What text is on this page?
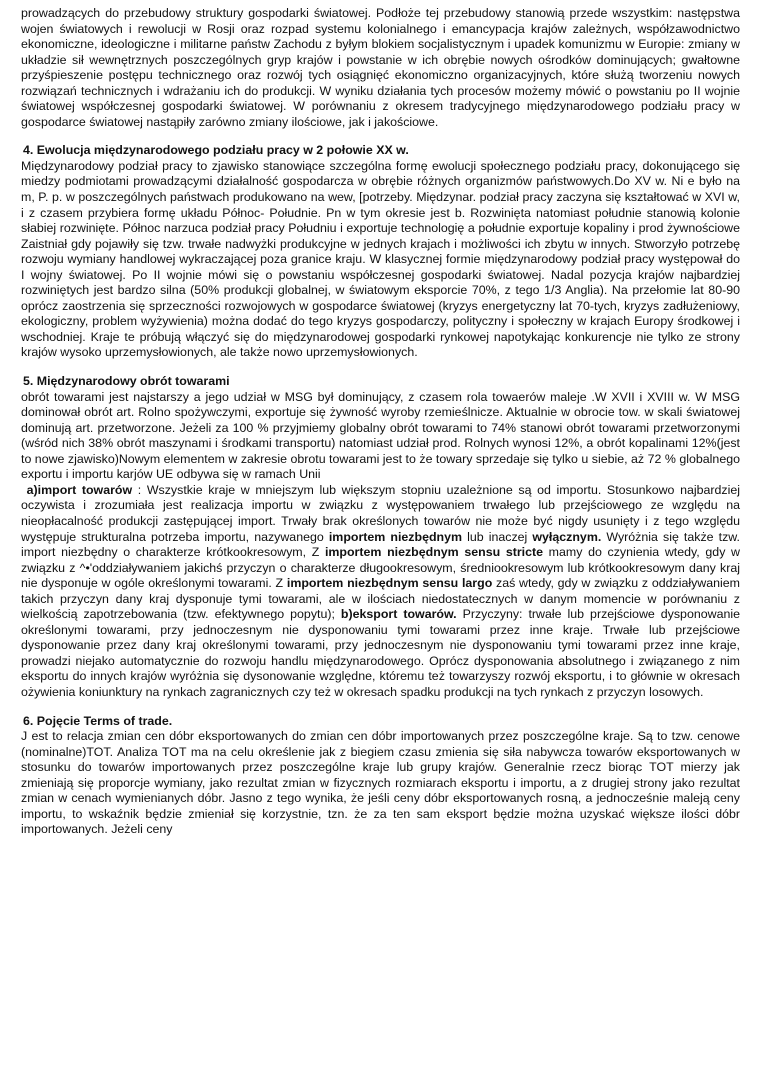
prowadzących do przebudowy struktury gospodarki światowej. Podłoże tej przebudowy stanowią przede wszystkim: następstwa wojen światowych i rewolucji w Rosji oraz rozpad systemu kolonialnego i emancypacja krajów zależnych, współzawodnictwo ekonomiczne, ideologiczne i militarne państw Zachodu z byłym blokiem socjalistycznym i upadek komunizmu w Europie: zmiany w układzie sił wewnętrznych poszczególnych gryp krajów i powstanie w ich obrębie nowych ośrodków dominujących; gwałtowne przyśpieszenie postępu technicznego oraz rozwój tych osiągnięć ekonomiczno organizacyjnych, które służą tworzeniu nowych rozwiązań technicznych i wdrażaniu ich do produkcji. W wyniku działania tych procesów możemy mówić o powstaniu po II wojnie światowej współczesnej gospodarki światowej. W porównaniu z okresem tradycyjnego międzynarodowego podziału pracy w gospodarce światowej nastąpiły zarówno zmiany ilościowe, jak i jakościowe.

4. Ewolucja międzynarodowego podziału pracy w 2 połowie XX w.

Międzynarodowy podział pracy to zjawisko stanowiące szczególna formę ewolucji społecznego podziału pracy, dokonującego się miedzy podmiotami prowadzącymi działalność gospodarcza w obrębie różnych organizmów państwowych.Do XV w. Ni e było na m, P. p. w poszczególnych państwach produkowano na wew, [potrzeby. Międzynar. podział pracy zaczyna się kształtować w XVI w, i z czasem przybiera formę układu Północ- Południe. Pn w tym okresie jest b. Rozwinięta natomiast południe stanowią kolonie słabiej rozwinięte. Północ narzuca podział pracy Południu i exportuje technologię a południe exportuje kopaliny i prod żywnościowe Zaistniał gdy pojawiły się tzw. trwałe nadwyżki produkcyjne w jednych krajach i możliwości ich zbytu w innych. Stworzyło potrzebę rozwoju wymiany handlowej wykraczającej poza granice kraju. W klasycznej formie międzynarodowy podział pracy występował do I wojny światowej. Po II wojnie mówi się o powstaniu współczesnej gospodarki światowej. Nadal pozycja krajów najbardziej rozwiniętych jest bardzo silna (50% produkcji globalnej, w światowym eksporcie 70%, z tego 1/3 Anglia). Na przełomie lat 80-90 oprócz zaostrzenia się sprzeczności rozwojowych w gospodarce światowej (kryzys energetyczny lat 70-tych, kryzys zadłużeniowy, ekologiczny, problem wyżywienia) można dodać do tego kryzys gospodarczy, polityczny i społeczny w krajach Europy środkowej i wschodniej. Kraje te próbują włączyć się do międzynarodowej gospodarki rynkowej napotykając konkurencje nie tylko ze strony krajów wysoko uprzemysłowionych, ale także nowo uprzemysłowionych.

5. Międzynarodowy obrót towarami

obrót towarami jest najstarszy a jego udział w MSG był dominujący, z czasem rola towaerów maleje .W XVII i XVIII w. W MSG dominował obrót art. Rolno spożywczymi, exportuje się żywność wyroby rzemieślnicze. Aktualnie w obrocie tow. w skali światowej dominują art. przetworzone. Jeżeli za 100 % przyjmiemy globalny obrót towarami to 74% stanowi obrót towarami przetworzonymi (wśród nich 38% obrót maszynami i środkami transportu) natomiast udział prod. Rolnych wynosi 12%, a obrót kopalinami 12%(jest to nowe zjawisko)Nowym elementem w zakresie obrotu towarami jest to że towary sprzedaje się tylko u siebie, aż 72 % globalnego exportu i importu karjów UE odbywa się w ramach Unii

a)import towarów : Wszystkie kraje w mniejszym lub większym stopniu uzależnione są od importu. Stosunkowo najbardziej oczywista i zrozumiała jest realizacja importu w związku z występowaniem trwałego lub przejściowego ze względu na nieopłacalność produkcji zastępującej import. Trwały brak określonych towarów nie może być nigdy usunięty i z tego względu występuje strukturalna potrzeba importu, nazywanego importem niezbędnym lub inaczej wyłącznym. Wyróżnia się także tzw. import niezbędny o charakterze krótkookresowym, Z importem niezbędnym sensu stricte mamy do czynienia wtedy, gdy w związku z ^•'oddziaływaniem jakichś przyczyn o charakterze długookresowym, średniookresowym lub krótkookresowym dany kraj nie dysponuje w ogóle określonymi towarami. Z importem niezbędnym sensu largo zaś wtedy, gdy w związku z oddziaływaniem takich przyczyn dany kraj dysponuje tymi towarami, ale w ilościach niedostatecznych w danym momencie w porównaniu z wielkością zapotrzebowania (tzw. efektywnego popytu); b)eksport towarów. Przyczyny: trwałe lub przejściowe dysponowanie określonymi towarami, przy jednoczesnym nie dysponowaniu tymi towarami przez inne kraje. Trwałe lub przejściowe dysponowanie przez dany kraj określonymi towarami, przy jednoczesnym nie dysponowaniu tymi towarami przez inne kraje, prowadzi niejako automatycznie do rozwoju handlu międzynarodowego. Oprócz dysponowania absolutnego i związanego z nim eksportu do innych krajów wyróżnia się dysonowanie względne, któremu też towarzyszy rozwój eksportu, i to głównie w okresach ożywienia koniunktury na rynkach zagranicznych czy też w okresach spadku produkcji na tych rynkach z przyczyn losowych.

6. Pojęcie Terms of trade.

J est to relacja zmian cen dóbr eksportowanych do zmian cen dóbr importowanych przez poszczególne kraje. Są to tzw. cenowe (nominalne)TOT. Analiza TOT ma na celu określenie jak z biegiem czasu zmienia się siła nabywcza towarów eksportowanych w stosunku do towarów importowanych przez poszczególne kraje lub grupy krajów. Generalnie rzecz biorąc TOT mierzy jak zmieniają się proporcje wymiany, jako rezultat zmian w fizycznych rozmiarach eksportu i importu, a z drugiej strony jako rezultat zmian w cenach wymienianych dóbr. Jasno z tego wynika, że jeśli ceny dóbr eksportowanych rosną, a jednocześnie maleją ceny importu, to wskaźnik będzie zmieniał się korzystnie, tzn. że za ten sam eksport będzie można uzyskać większe ilości dóbr importowanych. Jeżeli ceny
